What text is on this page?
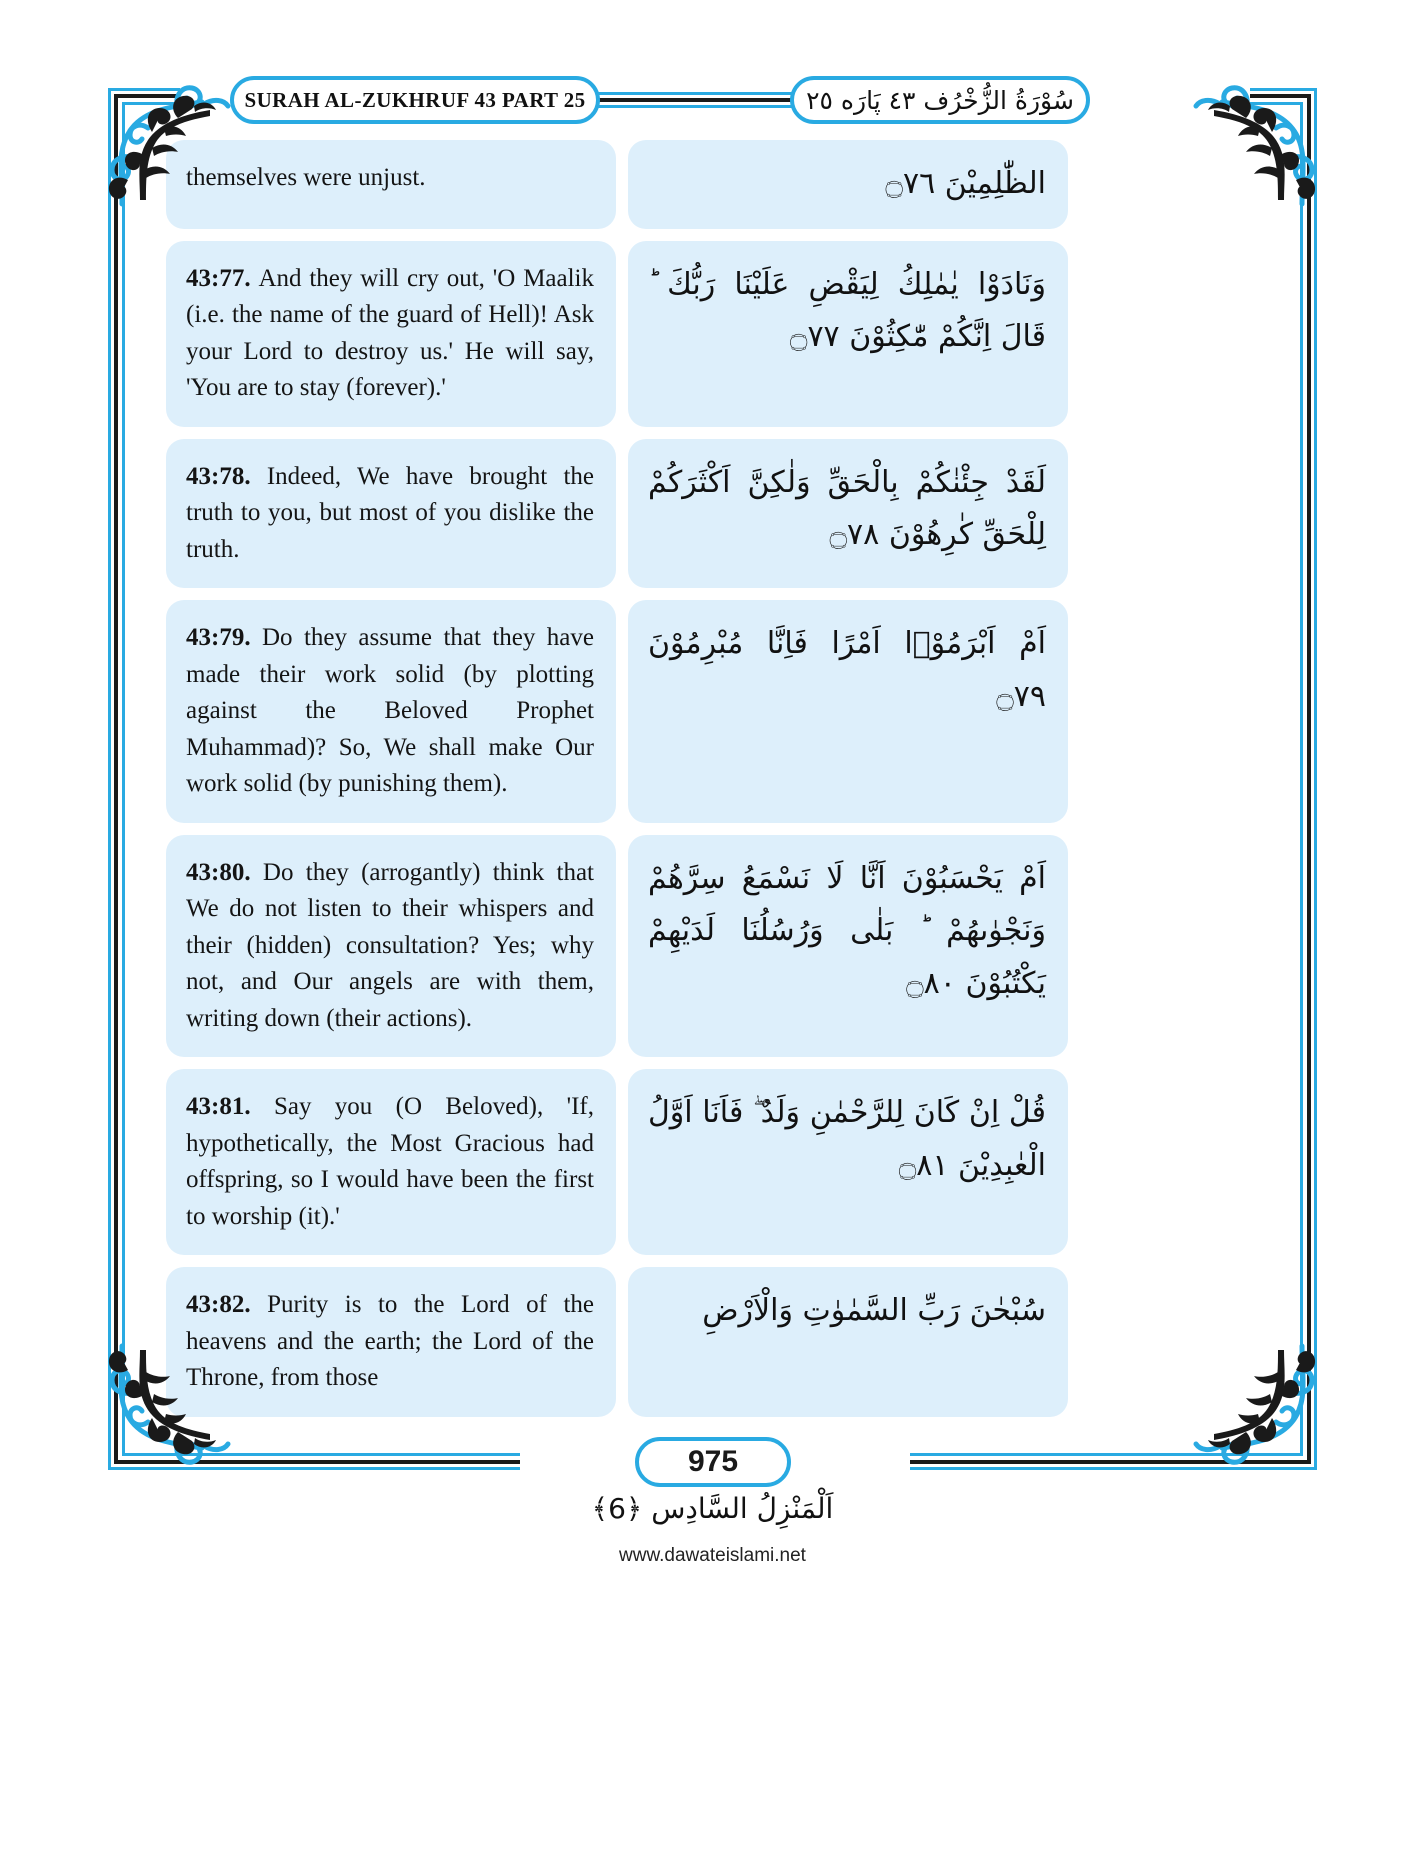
SURAH AL-ZUKHRUF 43 PART 25	سُوْرَةُ الزُّخْرُف ٤٣ پَارَه ٢٥
themselves were unjust.	الظّٰلِمِيْنَ ۝٧٦
43:77. And they will cry out, 'O Maalik (i.e. the name of the guard of Hell)! Ask your Lord to destroy us.' He will say, 'You are to stay (forever).'
وَنَادَوْا يٰمٰلِكُ لِيَقْضِ عَلَيْنَا رَبُّكَ ؕ قَالَ اِنَّكُمْ مّٰكِثُوْنَ ۝٧٧
43:78. Indeed, We have brought the truth to you, but most of you dislike the truth.
لَقَدْ جِئْنٰكُمْ بِالْحَقِّ وَلٰكِنَّ اَكْثَرَكُمْ لِلْحَقِّ كٰرِهُوْنَ ۝٧٨
43:79. Do they assume that they have made their work solid (by plotting against the Beloved Prophet Muhammad)? So, We shall make Our work solid (by punishing them).
اَمْ اَبْرَمُوْۤا اَمْرًا فَاِنَّا مُبْرِمُوْنَ ۝٧٩
43:80. Do they (arrogantly) think that We do not listen to their whispers and their (hidden) consultation? Yes; why not, and Our angels are with them, writing down (their actions).
اَمْ يَحْسَبُوْنَ اَنَّا لَا نَسْمَعُ سِرَّهُمْ وَنَجْوٰىهُمْ ؕ بَلٰى وَرُسُلُنَا لَدَيْهِمْ يَكْتُبُوْنَ ۝٨٠
43:81. Say you (O Beloved), 'If, hypothetically, the Most Gracious had offspring, so I would have been the first to worship (it).'
قُلْ اِنْ كَانَ لِلرَّحْمٰنِ وَلَدٌ ۖ فَاَنَا اَوَّلُ الْعٰبِدِيْنَ ۝٨١
43:82. Purity is to the Lord of the heavens and the earth; the Lord of the Throne, from those
سُبْحٰنَ رَبِّ السَّمٰوٰتِ وَالْاَرْضِ
975
اَلْمَنْزِلُ السَّادِس ﴿6﴾
www.dawateislami.net
